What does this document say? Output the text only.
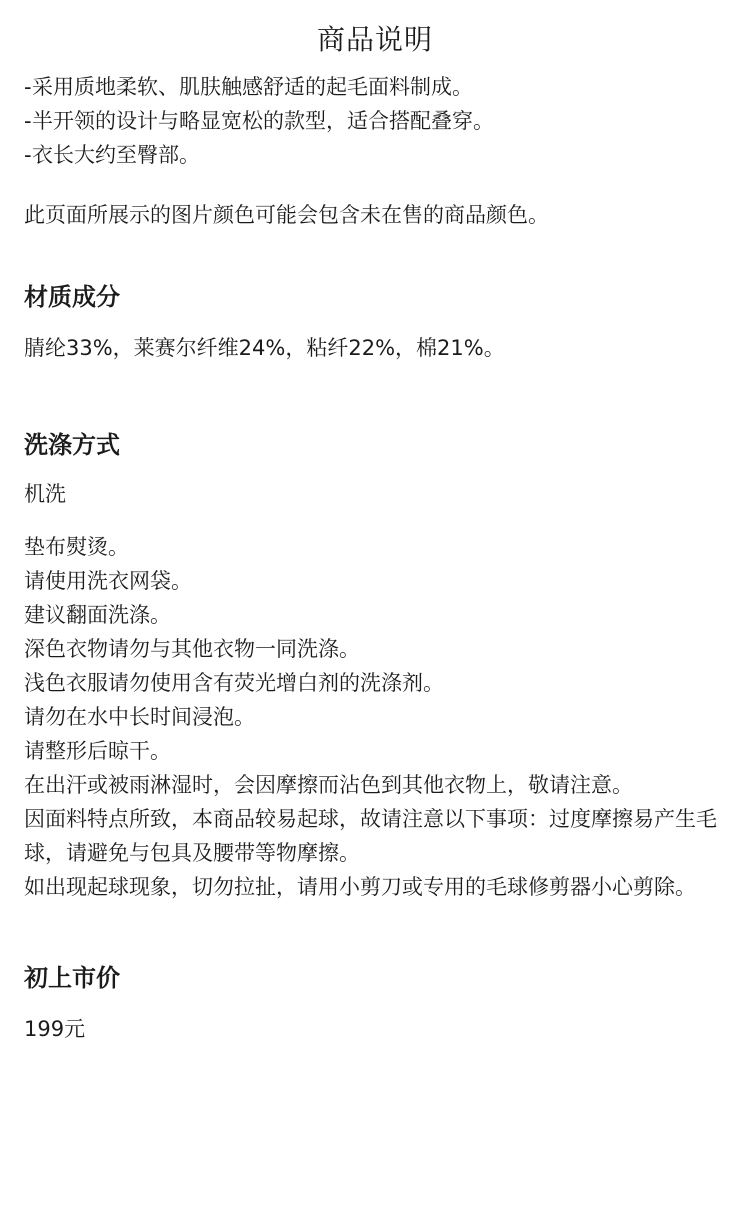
商品说明
-采用质地柔软、肌肤触感舒适的起毛面料制成。
-半开领的设计与略显宽松的款型，适合搭配叠穿。
-衣长大约至臀部。

此页面所展示的图片颜色可能会包含未在售的商品颜色。

材质成分

腈纶33%，莱赛尔纤维24%，粘纤22%，棉21%。

洗涤方式

机洗

垫布熨烫。
请使用洗衣网袋。
建议翻面洗涤。
深色衣物请勿与其他衣物一同洗涤。
浅色衣服请勿使用含有荧光增白剂的洗涤剂。
请勿在水中长时间浸泡。
请整形后晾干。
在出汗或被雨淋湿时，会因摩擦而沾色到其他衣物上，敬请注意。
因面料特点所致，本商品较易起球，故请注意以下事项：过度摩擦易产生毛球，请避免与包具及腰带等物摩擦。
如出现起球现象，切勿拉扯，请用小剪刀或专用的毛球修剪器小心剪除。
初上市价

199元
